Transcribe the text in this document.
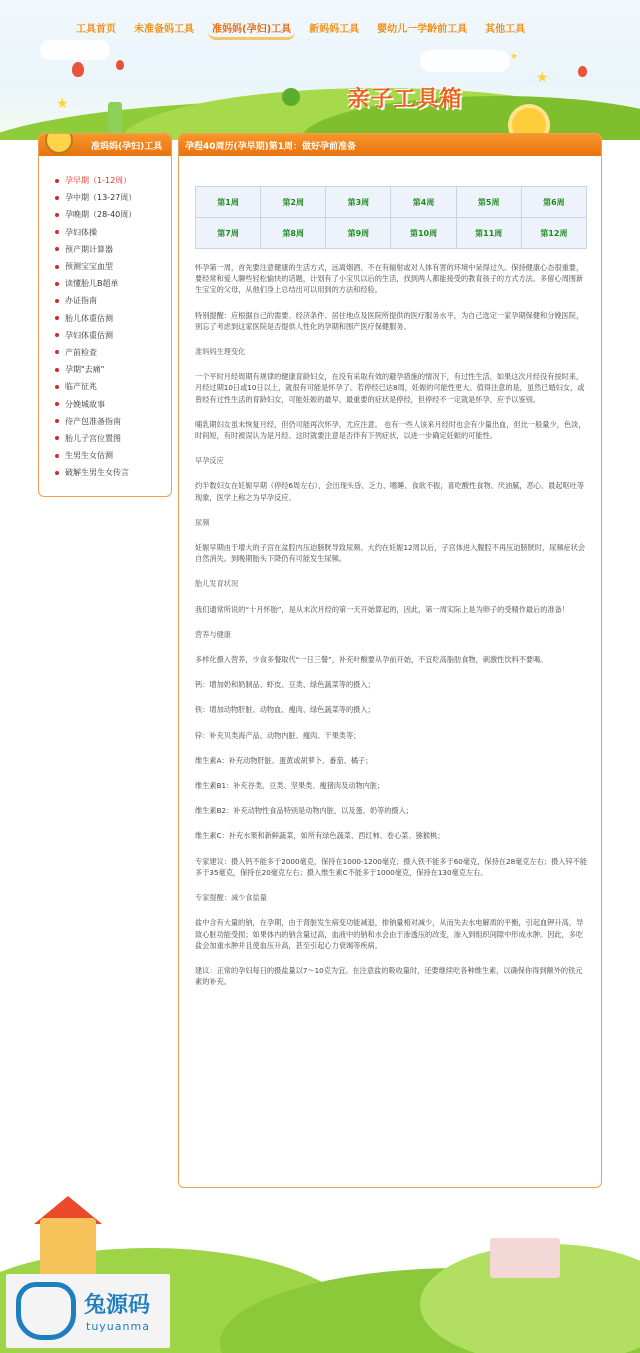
★
★
★
亲子工具箱
工具首页	未准备妈工具	准妈妈(孕妇)工具	新妈妈工具	婴幼儿一学龄前工具	其他工具
准妈妈(孕妇)工具
孕早期（1-12周）
孕中期（13-27周）
孕晚期（28-40周）
孕妇体操
预产期计算器
预测宝宝血型
读懂胎儿B超单
办证指南
胎儿体重估测
孕妇体重估测
产前检查
孕期"去痛"
临产征兆
分娩城故事
待产包准备指南
胎儿子宫位置图
生男生女估测
破解生男生女传言
孕程40周历(孕早期)第1周：做好孕前准备
第1周	第2周	第3周	第4周	第5周	第6周
第7周	第8周	第9周	第10周	第11周	第12周

怀孕第一周，首先要注意健康的生活方式，远离烟酒、不在有辐射或对人体有害的环境中呆得过久。保持健康心态很重要，要经常和爱人聊些轻松愉快的话题，计划有了小宝贝以后的生活，找到两人都能接受的教育孩子的方式方法。多留心周围新生宝宝的父母，从他们身上总结出可以用到的方法和经验。

特别提醒：应根据自己的需要、经济条件、居住地点及医院所提供的医疗服务水平，为自己选定一家孕期保健和分娩医院，别忘了考虑到这家医院是否提供人性化的孕期和围产医疗保健服务。

准妈妈生理变化

一个平时月经周期有规律的健康育龄妇女，在没有采取有效的避孕措施的情况下，有过性生活，如果这次月经没有按时来，月经过期10日或10日以上，就很有可能是怀孕了。若停经已达8周，妊娠的可能性更大。值得注意的是，虽然已婚妇女，或曾经有过性生活的育龄妇女，可能妊娠的最早、最重要的症状是停经，但停经不一定就是怀孕，应予以鉴别。

哺乳期妇女虽未恢复月经，但仍可能再次怀孕，尤应注意。 也有一些人该来月经时也会有少量出血，但比一般量少，色淡，时间短，有时被误认为是月经。这时就要注意是否伴有下列症状，以进一步确定妊娠的可能性。

早孕反应

约半数妇女在妊娠早期（停经6周左右），会出现头昏、乏力、嗜睡、食欲不振，喜吃酸性食物、厌油腻，恶心、晨起呕吐等现象，医学上称之为早孕反应。

尿频

妊娠早期由于增大的子宫在盆腔内压迫膀胱导致尿频。大约在妊娠12周以后，子宫体进入腹腔不再压迫膀胱时，尿频症状会自然消失。到晚期胎头下降仍有可能发生尿频。

胎儿发育状况

我们通常所说的“十月怀胎”，是从末次月经的第一天开始算起的，因此，第一周实际上是为卵子的受精作最后的准备！

营养与健康

多样化摄入营养，少食多餐取代“一日三餐”，补充叶酸要从孕前开始，不宜吃高脂肪食物，刺激性饮料不要喝。

钙：增加奶和奶制品、虾皮、豆类、绿色蔬菜等的摄入；

铁：增加动物肝脏、动物血、瘦肉、绿色蔬菜等的摄入；

锌：补充贝类海产品、动物内脏、瘦肉、干果类等；

维生素A：补充动物肝脏、蛋黄或胡萝卜、番茄、橘子；

维生素B1：补充谷类、豆类、坚果类、瘦猪肉及动物内脏；

维生素B2：补充动物性食品特别是动物内脏，以及蛋、奶等的摄入；

维生素C：补充水果和新鲜蔬菜，如所有绿色蔬菜、西红柿、卷心菜、猕猴桃；

专家建议：摄入钙不能多于2000毫克，保持在1000-1200毫克；摄入铁不能多于60毫克，保持在28毫克左右；摄入锌不能多于35毫克，保持在20毫克左右；摄入维生素C不能多于1000毫克，保持在130毫克左右。

专家提醒：减少食盐量

盐中含有大量的钠，在孕期，由于肾脏发生病变功能减退，排钠量相对减少，从而失去水电解质的平衡，引起血钾升高，导致心脏功能受损；如果体内的钠含量过高，血液中的钠和水会由于渗透压的改变，渗入到组织间隙中形成水肿。因此，多吃盐会加重水肿并且使血压升高，甚至引起心力衰竭等疾病。

建议：正常的孕妇每日的摄盐量以7～10克为宜。在注意盐的吸收量时，还要继续吃各种维生素，以确保你得到额外的铁元素的补充。

兔源码
tuyuanma
